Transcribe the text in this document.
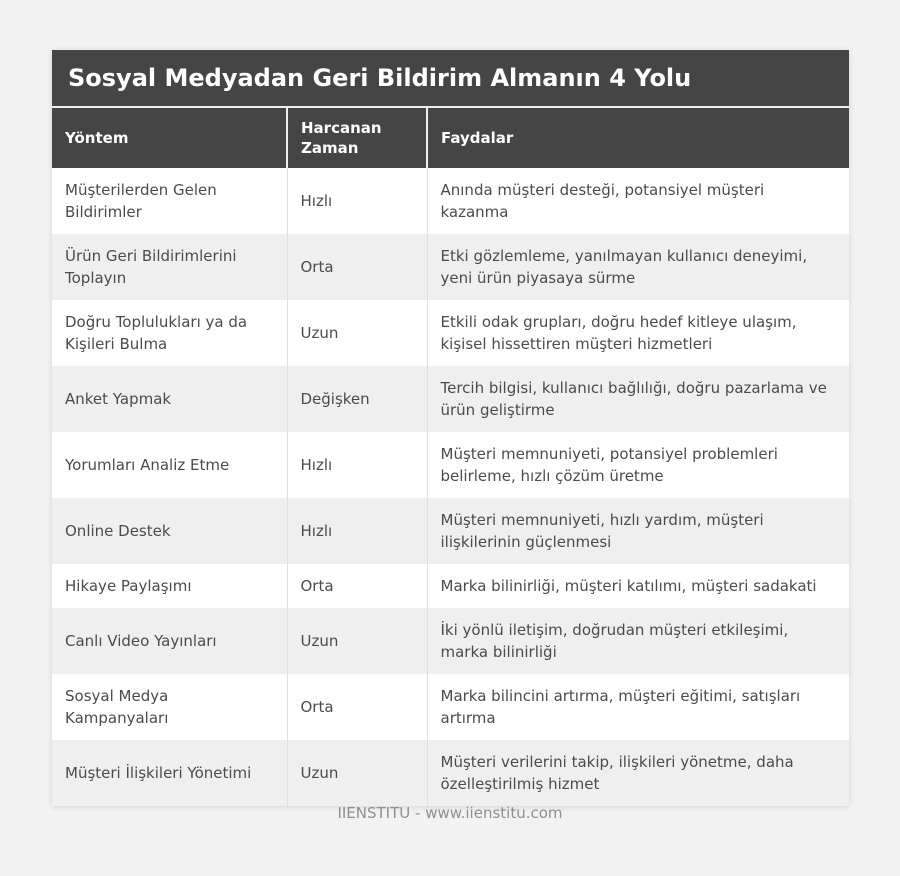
Sosyal Medyadan Geri Bildirim Almanın 4 Yolu
Yöntem	Harcanan Zaman	Faydalar
Müşterilerden Gelen Bildirimler	Hızlı	Anında müşteri desteği, potansiyel müşteri kazanma
Ürün Geri Bildirimlerini Toplayın	Orta	Etki gözlemleme, yanılmayan kullanıcı deneyimi, yeni ürün piyasaya sürme
Doğru Toplulukları ya da Kişileri Bulma	Uzun	Etkili odak grupları, doğru hedef kitleye ulaşım, kişisel hissettiren müşteri hizmetleri
Anket Yapmak	Değişken	Tercih bilgisi, kullanıcı bağlılığı, doğru pazarlama ve ürün geliştirme
Yorumları Analiz Etme	Hızlı	Müşteri memnuniyeti, potansiyel problemleri belirleme, hızlı çözüm üretme
Online Destek	Hızlı	Müşteri memnuniyeti, hızlı yardım, müşteri ilişkilerinin güçlenmesi
Hikaye Paylaşımı	Orta	Marka bilinirliği, müşteri katılımı, müşteri sadakati
Canlı Video Yayınları	Uzun	İki yönlü iletişim, doğrudan müşteri etkileşimi, marka bilinirliği
Sosyal Medya Kampanyaları	Orta	Marka bilincini artırma, müşteri eğitimi, satışları artırma
Müşteri İlişkileri Yönetimi	Uzun	Müşteri verilerini takip, ilişkileri yönetme, daha özelleştirilmiş hizmet
IIENSTITU - www.iienstitu.com
